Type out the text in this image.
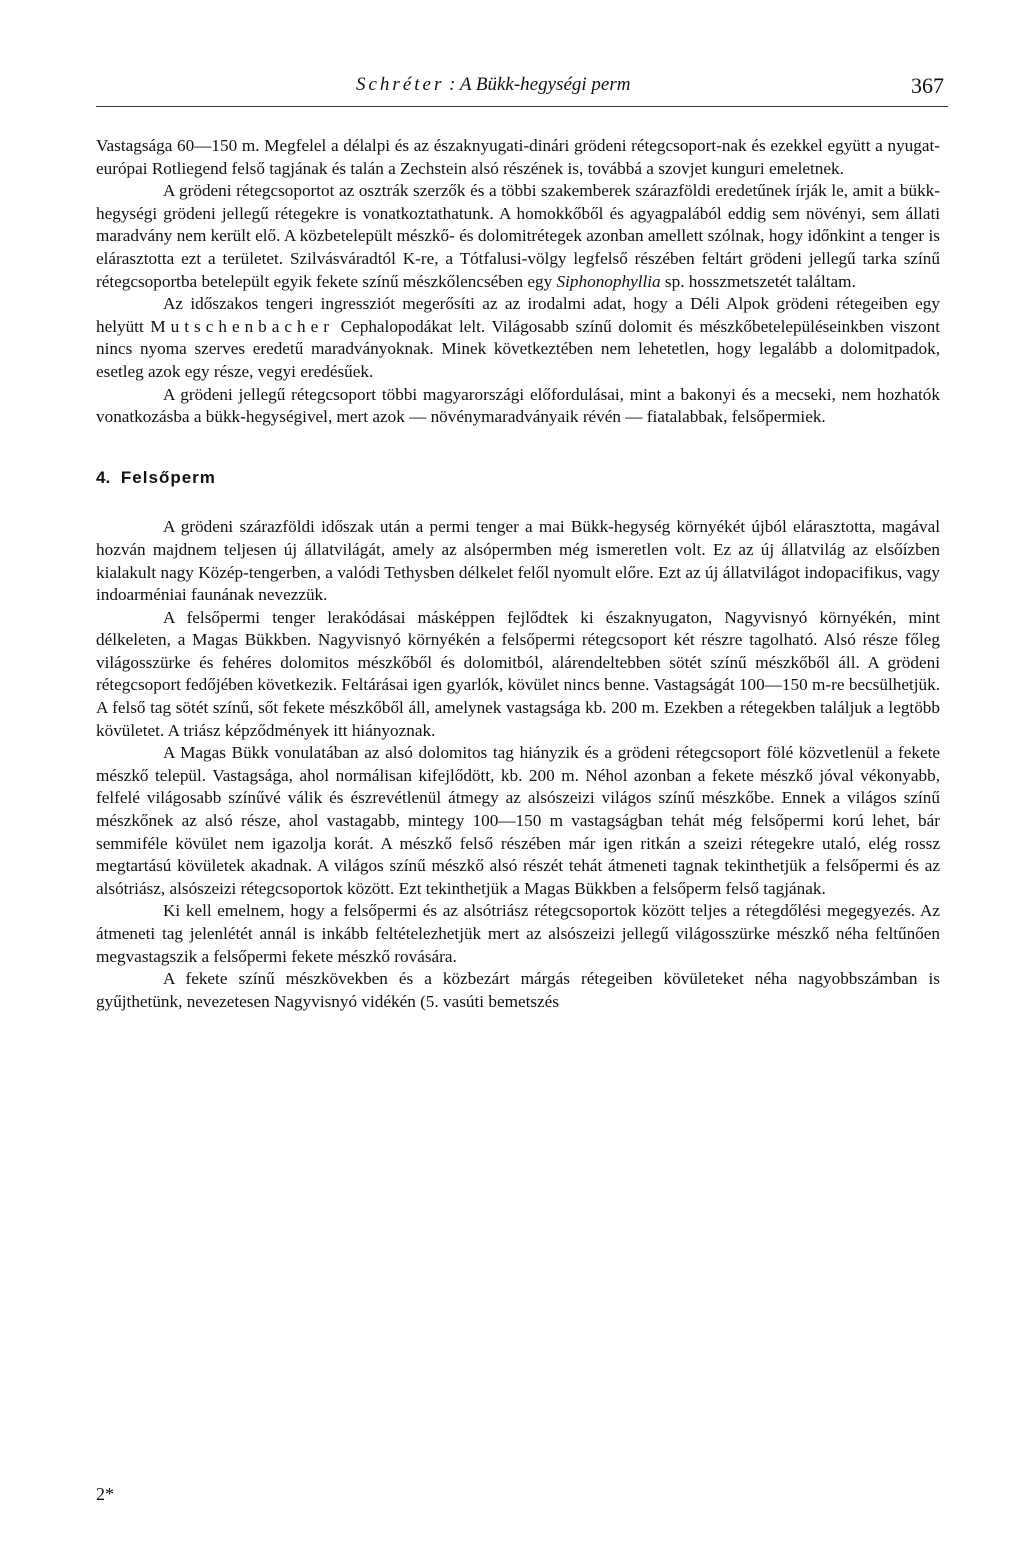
Schréter : A Bükk-hegységi perm	367

Vastagsága 60—150 m. Megfelel a délalpi és az északnyugati-dinári grödeni rétegcsoport-nak és ezekkel együtt a nyugat-európai Rotliegend felső tagjának és talán a Zechstein alsó részének is, továbbá a szovjet kunguri emeletnek.

A grödeni rétegcsoportot az osztrák szerzők és a többi szakemberek szárazföldi eredetűnek írják le, amit a bükk-hegységi grödeni jellegű rétegekre is vonatkoztathatunk. A homokkőből és agyagpalából eddig sem növényi, sem állati maradvány nem került elő. A közbetelepült mészkő- és dolomitrétegek azonban amellett szólnak, hogy időnkint a tenger is elárasztotta ezt a területet. Szilvásváradtól K-re, a Tótfalusi-völgy legfelső részében feltárt grödeni jellegű tarka színű rétegcsoportba betelepült egyik fekete színű mészkőlencsében egy Siphonophyllia sp. hosszmetszetét találtam.

Az időszakos tengeri ingressziót megerősíti az az irodalmi adat, hogy a Déli Alpok grödeni rétegeiben egy helyütt Mutschenbacher Cephalopodákat lelt. Világosabb színű dolomit és mészkőbetelepüléseinkben viszont nincs nyoma szerves eredetű maradványoknak. Minek következtében nem lehetetlen, hogy legalább a dolomitpadok, esetleg azok egy része, vegyi eredésűek.

A grödeni jellegű rétegcsoport többi magyarországi előfordulásai, mint a bakonyi és a mecseki, nem hozhatók vonatkozásba a bükk-hegységivel, mert azok — növénymaradványaik révén — fiatalabbak, felsőpermiek.

4. Felsőperm

A grödeni szárazföldi időszak után a permi tenger a mai Bükk-hegység környékét újból elárasztotta, magával hozván majdnem teljesen új állatvilágát, amely az alsópermben még ismeretlen volt. Ez az új állatvilág az elsőízben kialakult nagy Közép-tengerben, a valódi Tethysben délkelet felől nyomult előre. Ezt az új állatvilágot indopacifikus, vagy indoarméniai faunának nevezzük.

A felsőpermi tenger lerakódásai másképpen fejlődtek ki északnyugaton, Nagyvisnyó környékén, mint délkeleten, a Magas Bükkben. Nagyvisnyó környékén a felsőpermi rétegcsoport két részre tagolható. Alsó része főleg világosszürke és fehéres dolomitos mészkőből és dolomitból, alárendeltebben sötét színű mészkőből áll. A grödeni rétegcsoport fedőjében következik. Feltárásai igen gyarlók, kövület nincs benne. Vastagságát 100—150 m-re becsülhetjük. A felső tag sötét színű, sőt fekete mészkőből áll, amelynek vastagsága kb. 200 m. Ezekben a rétegekben találjuk a legtöbb kövületet. A triász képződmények itt hiányoznak.

A Magas Bükk vonulatában az alsó dolomitos tag hiányzik és a grödeni rétegcsoport fölé közvetlenül a fekete mészkő települ. Vastagsága, ahol normálisan kifejlődött, kb. 200 m. Néhol azonban a fekete mészkő jóval vékonyabb, felfelé világosabb színűvé válik és észrevétlenül átmegy az alsószeizi világos színű mészkőbe. Ennek a világos színű mészkőnek az alsó része, ahol vastagabb, mintegy 100—150 m vastagságban tehát még felsőpermi korú lehet, bár semmiféle kövület nem igazolja korát. A mészkő felső részében már igen ritkán a szeizi rétegekre utaló, elég rossz megtartású kövületek akadnak. A világos színű mészkő alsó részét tehát átmeneti tagnak tekinthetjük a felsőpermi és az alsótriász, alsószeizi rétegcsoportok között. Ezt tekinthetjük a Magas Bükkben a felsőperm felső tagjának.

Ki kell emelnem, hogy a felsőpermi és az alsótriász rétegcsoportok között teljes a rétegdőlési megegyezés. Az átmeneti tag jelenlétét annál is inkább feltételezhetjük mert az alsószeizi jellegű világosszürke mészkő néha feltűnően megvastagszik a felsőpermi fekete mészkő rovására.

A fekete színű mészkövekben és a közbezárt márgás rétegeiben kövületeket néha nagyobbszámban is gyűjthetünk, nevezetesen Nagyvisnyó vidékén (5. vasúti bemetszés

2*
